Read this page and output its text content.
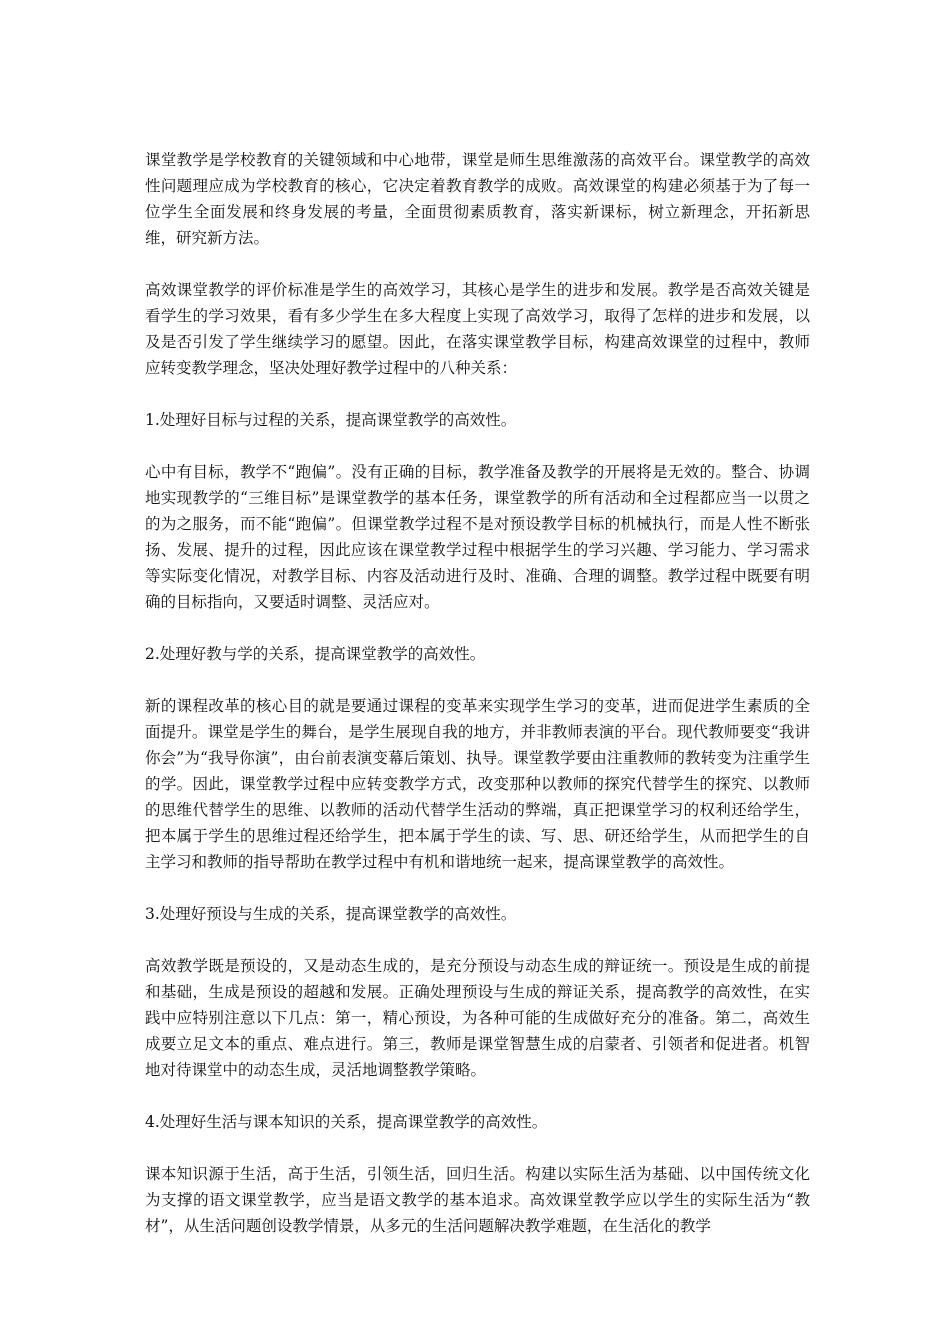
课堂教学是学校教育的关键领域和中心地带，课堂是师生思维激荡的高效平台。课堂教学的高效性问题理应成为学校教育的核心，它决定着教育教学的成败。高效课堂的构建必须基于为了每一位学生全面发展和终身发展的考量，全面贯彻素质教育，落实新课标，树立新理念，开拓新思维，研究新方法。

高效课堂教学的评价标准是学生的高效学习，其核心是学生的进步和发展。教学是否高效关键是看学生的学习效果，看有多少学生在多大程度上实现了高效学习，取得了怎样的进步和发展，以及是否引发了学生继续学习的愿望。因此，在落实课堂教学目标，构建高效课堂的过程中，教师应转变教学理念，坚决处理好教学过程中的八种关系：

1.处理好目标与过程的关系，提高课堂教学的高效性。

心中有目标，教学不“跑偏”。没有正确的目标，教学准备及教学的开展将是无效的。整合、协调地实现教学的“三维目标”是课堂教学的基本任务，课堂教学的所有活动和全过程都应当一以贯之的为之服务，而不能“跑偏”。但课堂教学过程不是对预设教学目标的机械执行，而是人性不断张扬、发展、提升的过程，因此应该在课堂教学过程中根据学生的学习兴趣、学习能力、学习需求等实际变化情况，对教学目标、内容及活动进行及时、准确、合理的调整。教学过程中既要有明确的目标指向，又要适时调整、灵活应对。

2.处理好教与学的关系，提高课堂教学的高效性。

新的课程改革的核心目的就是要通过课程的变革来实现学生学习的变革，进而促进学生素质的全面提升。课堂是学生的舞台，是学生展现自我的地方，并非教师表演的平台。现代教师要变“我讲你会”为“我导你演”，由台前表演变幕后策划、执导。课堂教学要由注重教师的教转变为注重学生的学。因此，课堂教学过程中应转变教学方式，改变那种以教师的探究代替学生的探究、以教师的思维代替学生的思维、以教师的活动代替学生活动的弊端，真正把课堂学习的权利还给学生，把本属于学生的思维过程还给学生，把本属于学生的读、写、思、研还给学生，从而把学生的自主学习和教师的指导帮助在教学过程中有机和谐地统一起来，提高课堂教学的高效性。

3.处理好预设与生成的关系，提高课堂教学的高效性。

高效教学既是预设的，又是动态生成的，是充分预设与动态生成的辩证统一。预设是生成的前提和基础，生成是预设的超越和发展。正确处理预设与生成的辩证关系，提高教学的高效性，在实践中应特别注意以下几点：第一，精心预设，为各种可能的生成做好充分的准备。第二，高效生成要立足文本的重点、难点进行。第三，教师是课堂智慧生成的启蒙者、引领者和促进者。机智地对待课堂中的动态生成，灵活地调整教学策略。

4.处理好生活与课本知识的关系，提高课堂教学的高效性。

课本知识源于生活，高于生活，引领生活，回归生活。构建以实际生活为基础、以中国传统文化为支撑的语文课堂教学，应当是语文教学的基本追求。高效课堂教学应以学生的实际生活为“教材”，从生活问题创设教学情景，从多元的生活问题解决教学难题，在生活化的教学
